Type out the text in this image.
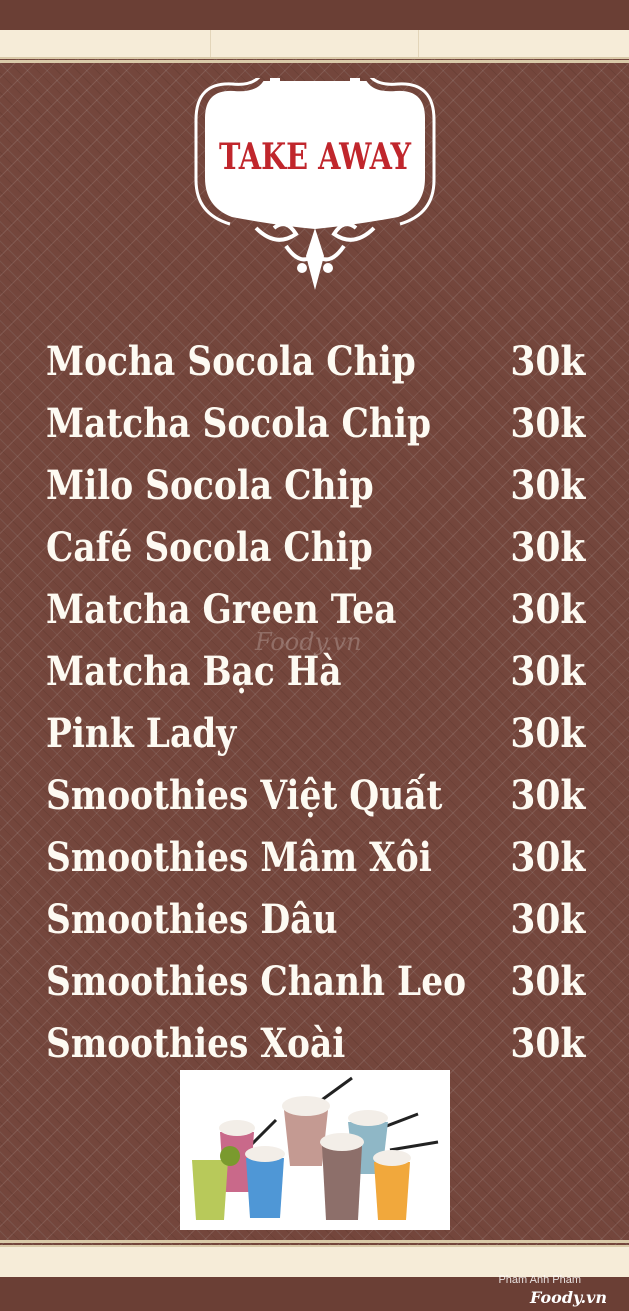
TAKE AWAY
Mocha Socola Chip 30k
Matcha Socola Chip 30k
Milo Socola Chip	30k
Café Socola Chip	30k
Matcha Green Tea	30k
Matcha Bạc Hà	30k
Pink Lady	30k
Smoothies Việt Quất 30k
Smoothies Mâm Xôi 30k
Smoothies Dâu	30k
Smoothies Chanh Leo 30k
Smoothies Xoài	30k
Foody.vn
Pham Anh Pham
Foody.vn
